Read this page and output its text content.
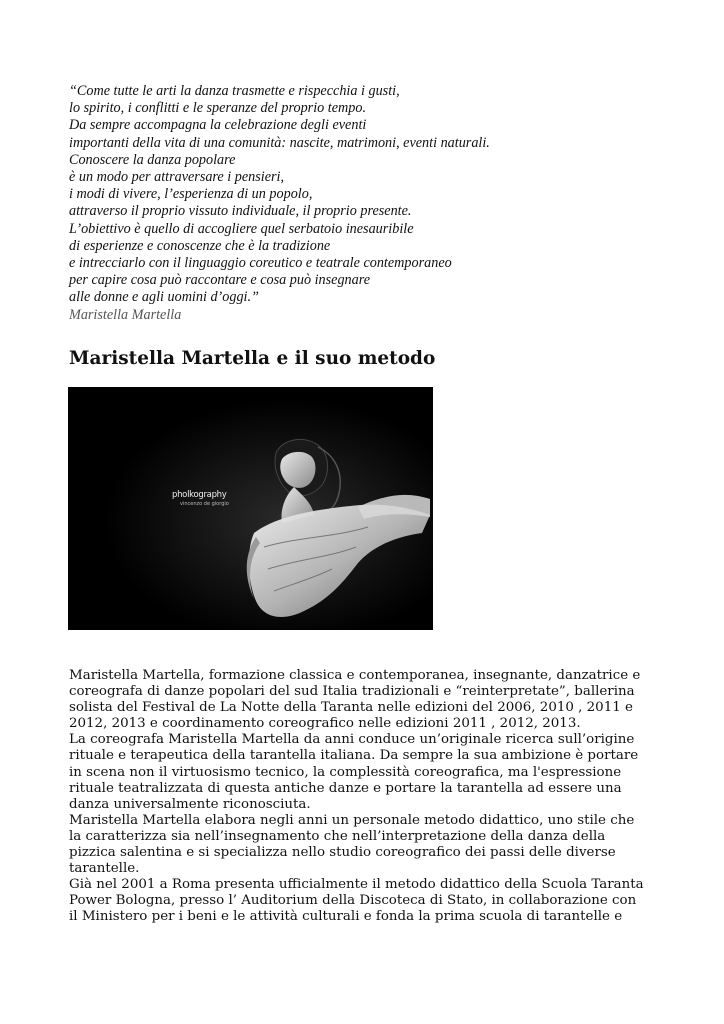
“Come tutte le arti la danza trasmette e rispecchia i gusti,
lo spirito, i conflitti e le speranze del proprio tempo.
Da sempre accompagna la celebrazione degli eventi
importanti della vita di una comunità: nascite, matrimoni, eventi naturali.
Conoscere la danza popolare
è un modo per attraversare i pensieri,
i modi di vivere, l’esperienza di un popolo,
attraverso il proprio vissuto individuale, il proprio presente.
L’obiettivo è quello di accogliere quel serbatoio inesauribile
di esperienze e conoscenze che è la tradizione
e intrecciarlo con il linguaggio coreutico e teatrale contemporaneo
per capire cosa può raccontare e cosa può insegnare
alle donne e agli uomini d’oggi.”
Maristella Martella
Maristella Martella e il suo metodo
pholkography
vincenzo de giorgio
Maristella Martella, formazione classica e contemporanea, insegnante, danzatrice e
coreografa di danze popolari del sud Italia tradizionali e “reinterpretate”, ballerina
solista del Festival de La Notte della Taranta nelle edizioni del 2006, 2010 , 2011 e
2012, 2013 e coordinamento coreografico nelle edizioni 2011 , 2012, 2013.
La coreografa Maristella Martella da anni conduce un’originale ricerca sull’origine
rituale e terapeutica della tarantella italiana. Da sempre la sua ambizione è portare
in scena non il virtuosismo tecnico, la complessità coreografica, ma l'espressione
rituale teatralizzata di questa antiche danze e portare la tarantella ad essere una
danza universalmente riconosciuta.
Maristella Martella elabora negli anni un personale metodo didattico, uno stile che
la caratterizza sia nell’insegnamento che nell’interpretazione della danza della
pizzica salentina e si specializza nello studio coreografico dei passi delle diverse
tarantelle.
Già nel 2001 a Roma presenta ufficialmente il metodo didattico della Scuola Taranta
Power Bologna, presso l’ Auditorium della Discoteca di Stato, in collaborazione con
il Ministero per i beni e le attività culturali e fonda la prima scuola di tarantelle e
